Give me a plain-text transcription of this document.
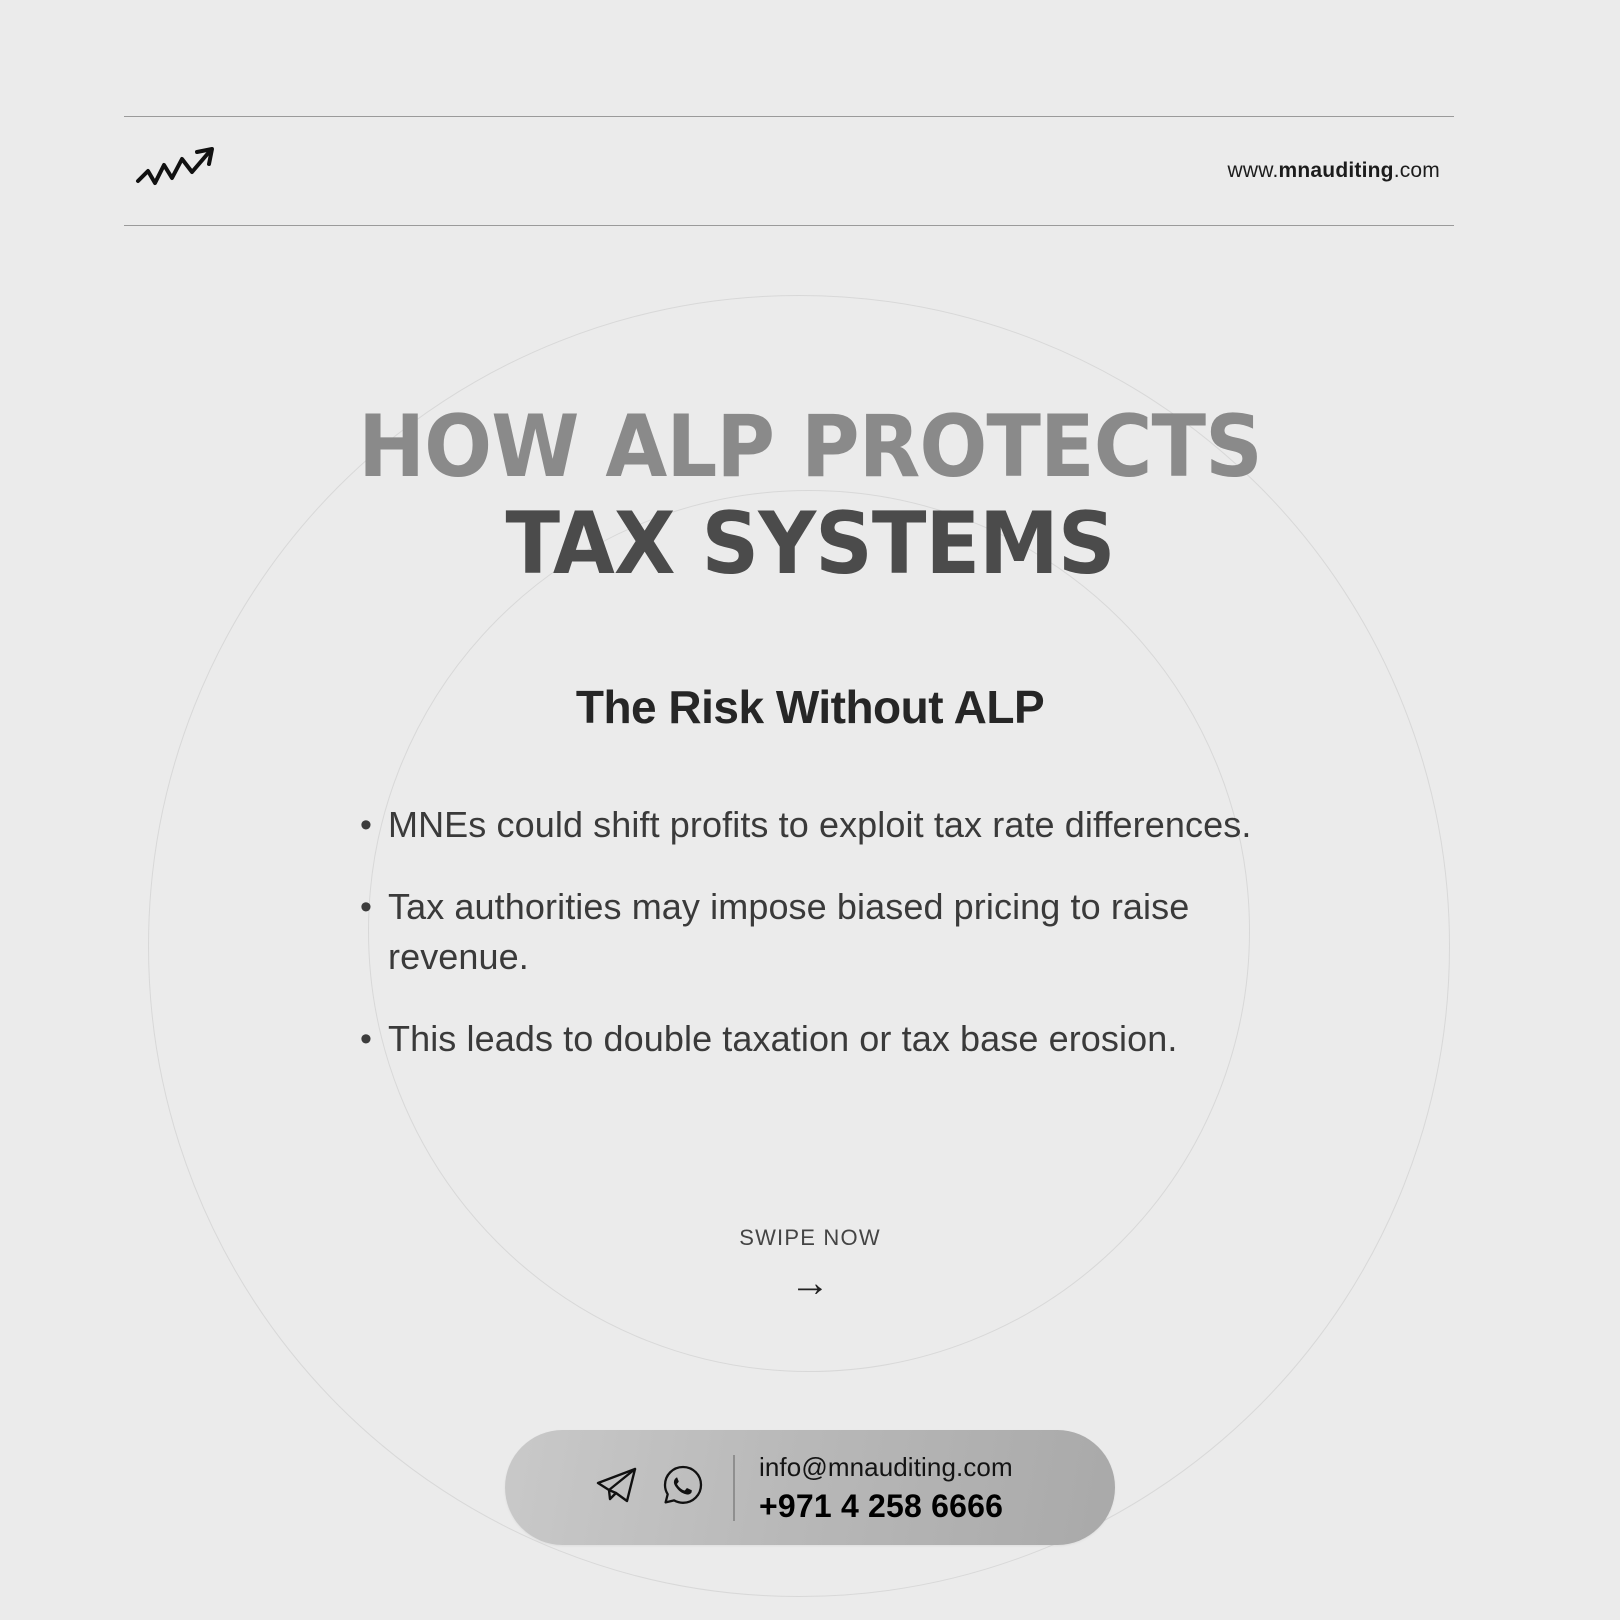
www.mnauditing.com
HOW ALP PROTECTS
TAX SYSTEMS
The Risk Without ALP
• MNEs could shift profits to exploit tax rate differences.
• Tax authorities may impose biased pricing to raise revenue.
• This leads to double taxation or tax base erosion.
SWIPE NOW
→
info@mnauditing.com
+971 4 258 6666
